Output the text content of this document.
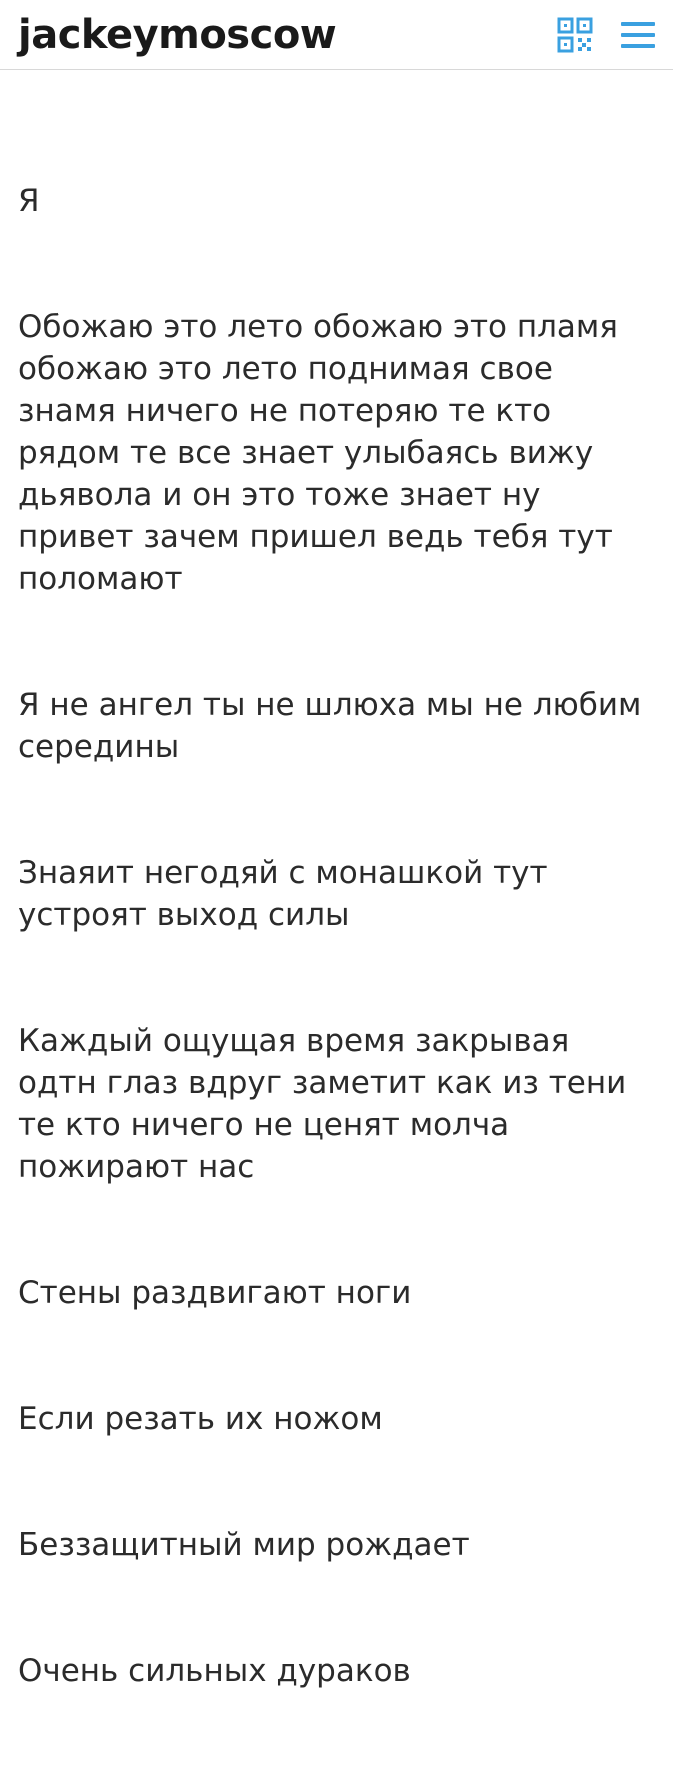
jackeymoscow

Я

Обожаю это лето обожаю это пламя обожаю это лето поднимая свое знамя ничего не потеряю те кто рядом те все знает улыбаясь вижу дьявола и он это тоже знает ну привет зачем пришел ведь тебя тут поломают

Я не ангел ты не шлюха мы не любим середины

Знаяит негодяй с монашкой тут устроят выход силы

Каждый ощущая время закрывая одтн глаз вдруг заметит как из тени те кто ничего не ценят молча пожирают нас

Стены раздвигают ноги

Если резать их ножом

Беззащитный мир рождает

Очень сильных дураков
